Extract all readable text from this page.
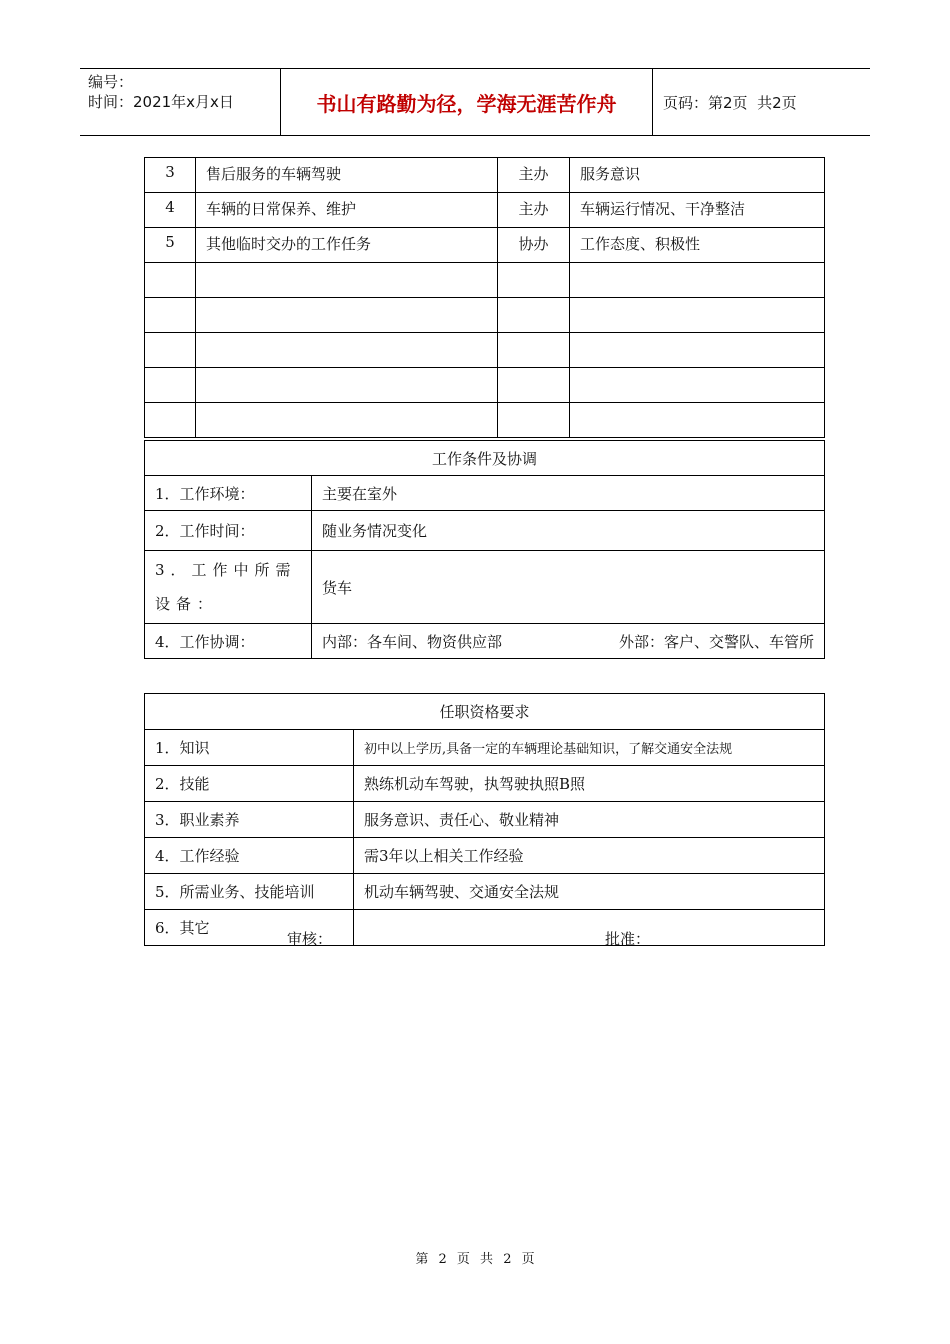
编号：
时间：2021年x月x日	书山有路勤为径，学海无涯苦作舟	页码：第2页  共2页
3	售后服务的车辆驾驶	主办	服务意识
4	车辆的日常保养、维护	主办	车辆运行情况、干净整洁
5	其他临时交办的工作任务	协办	工作态度、积极性

工作条件及协调	
1．工作环境：	主要在室外
2．工作时间：	随业务情况变化
3．工作中所需设备：	货车
4．工作协调：	内部：各车间、物资供应部 外部：客户、交警队、车管所
任职资格要求	
1．知识	初中以上学历,具备一定的车辆理论基础知识，了解交通安全法规
2．技能	熟练机动车驾驶，执驾驶执照B照
3．职业素养	服务意识、责任心、敬业精神
4．工作经验	需3年以上相关工作经验
5．所需业务、技能培训	机动车辆驾驶、交通安全法规
6．其它	
审核：	批准：
第 2 页 共 2 页
